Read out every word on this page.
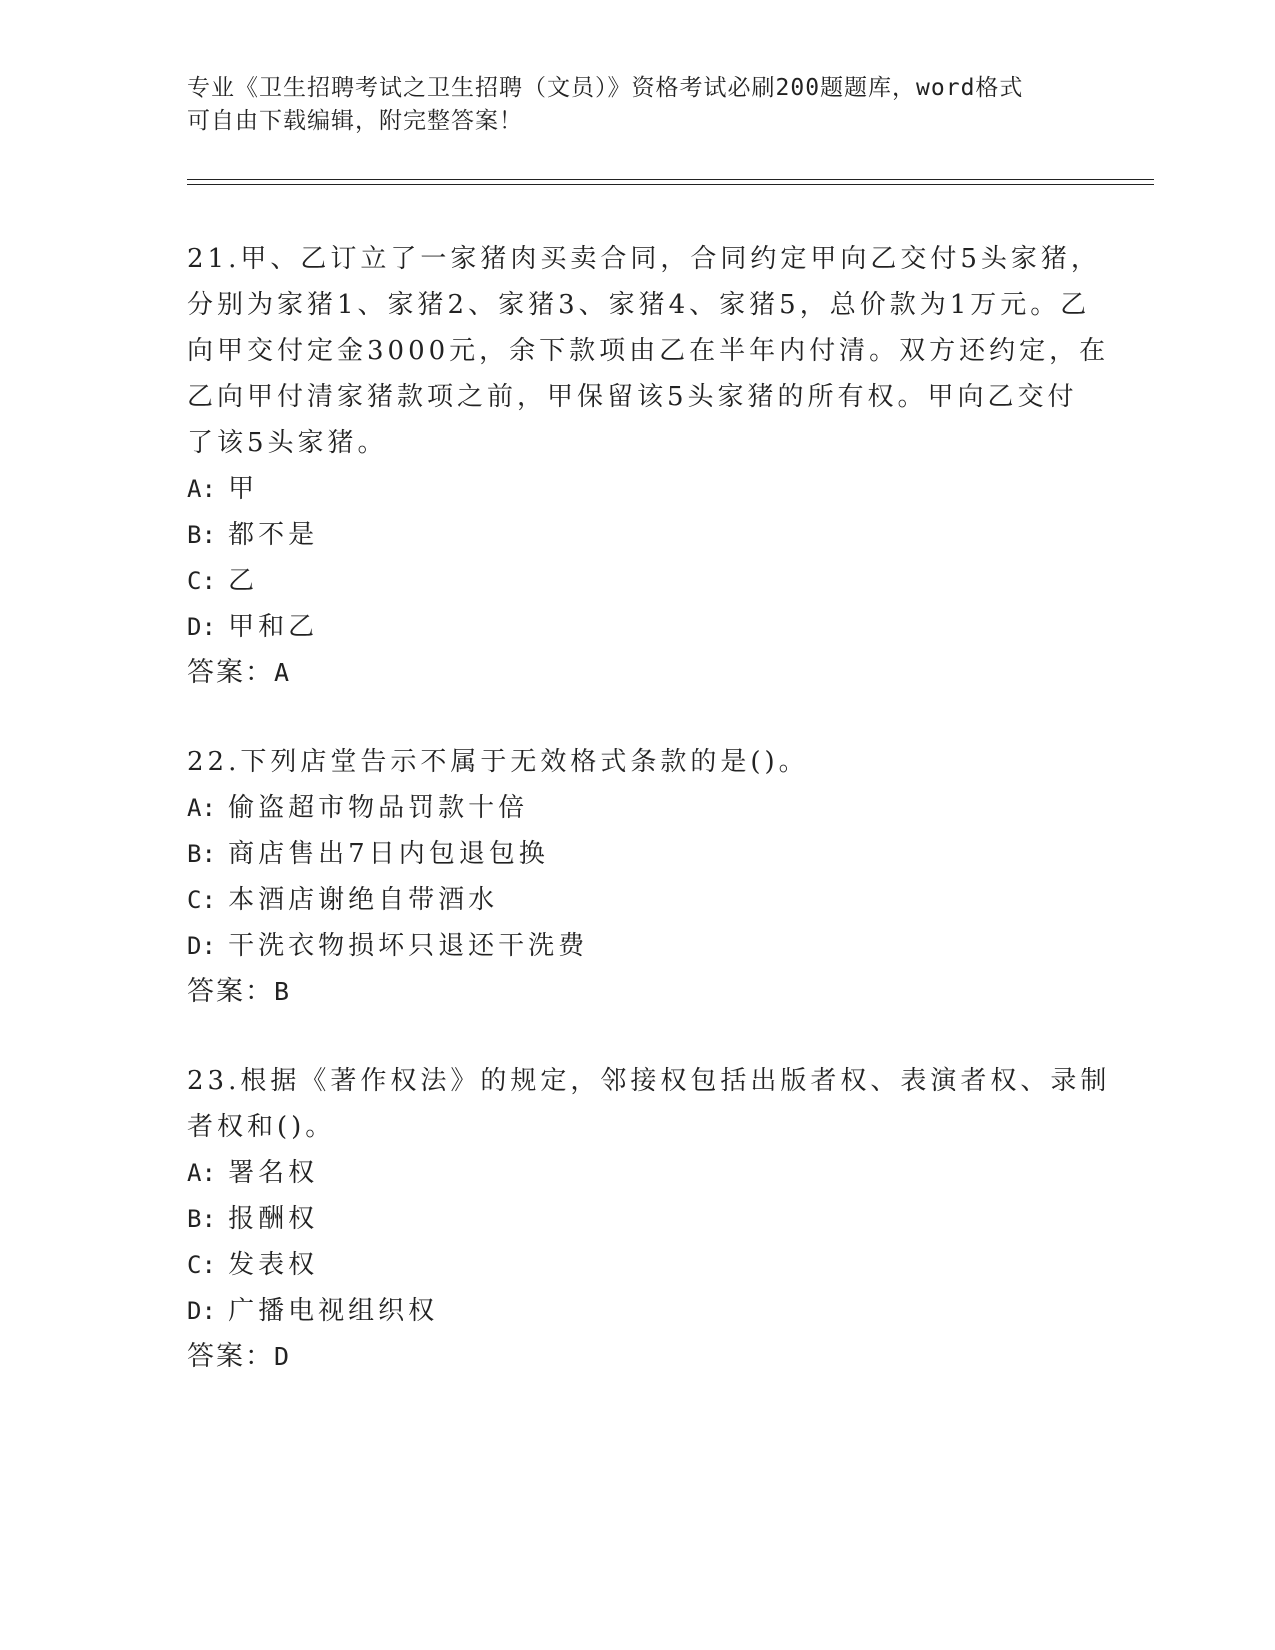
专业《卫生招聘考试之卫生招聘（文员）》资格考试必刷200题题库，word格式
可自由下载编辑，附完整答案！
21.甲、乙订立了一家猪肉买卖合同，合同约定甲向乙交付5头家猪，
分别为家猪1、家猪2、家猪3、家猪4、家猪5，总价款为1万元。乙
向甲交付定金3000元，余下款项由乙在半年内付清。双方还约定，在
乙向甲付清家猪款项之前，甲保留该5头家猪的所有权。甲向乙交付
了该5头家猪。
A: 甲
B: 都不是
C: 乙
D: 甲和乙
答案：A
22.下列店堂告示不属于无效格式条款的是()。
A: 偷盗超市物品罚款十倍
B: 商店售出7日内包退包换
C: 本酒店谢绝自带酒水
D: 干洗衣物损坏只退还干洗费
答案：B
23.根据《著作权法》的规定，邻接权包括出版者权、表演者权、录制
者权和()。
A: 署名权
B: 报酬权
C: 发表权
D: 广播电视组织权
答案：D
